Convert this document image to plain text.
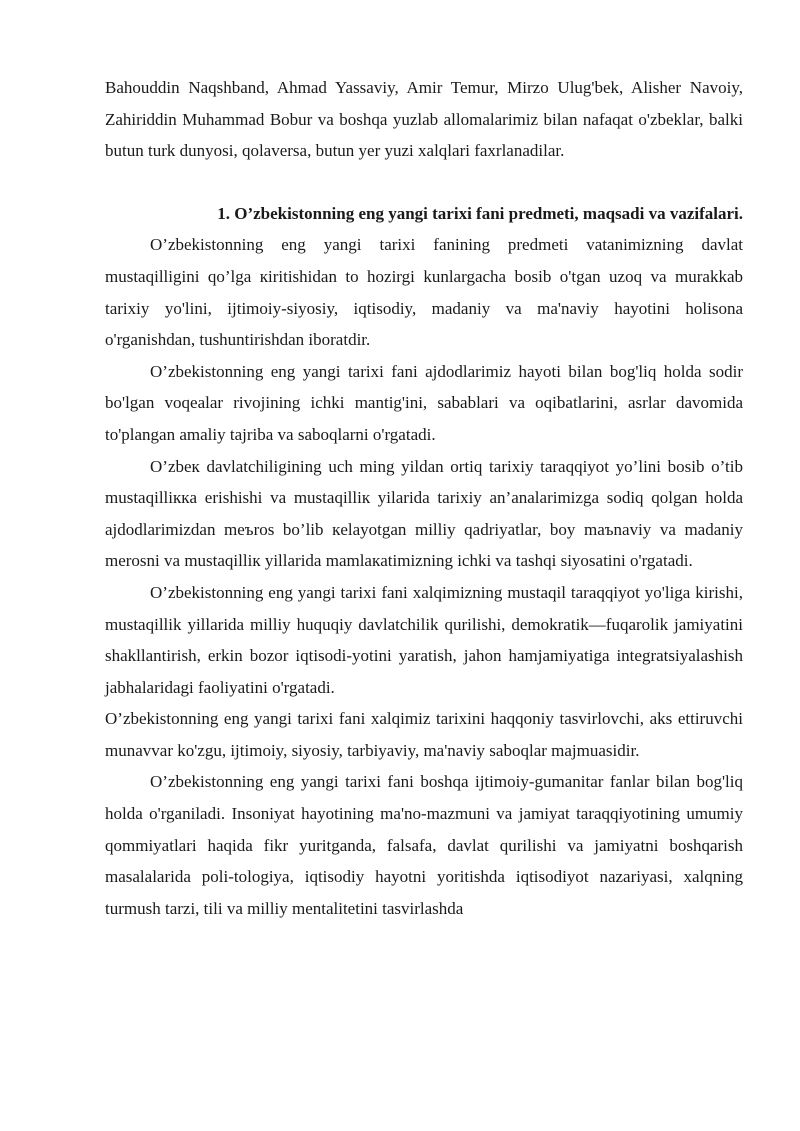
Bahouddin Naqshband, Ahmad Yassaviy, Amir Temur, Mirzo Ulug'bek, Alisher Navoiy, Zahiriddin Muhammad Bobur va boshqa yuzlab allomalarimiz bilan nafaqat o'zbeklar, balki butun turk dunyosi, qolaversa, butun yer yuzi xalqlari faxrlanadilar.

1. O’zbekistonning eng yangi tarixi fani predmeti, maqsadi va vazifalari.

O’zbekistonning eng yangi tarixi fanining predmeti vatanimizning davlat mustaqilligini qo’lga кiritishidan to hozirgi kunlargacha bosib o'tgan uzoq va murakkab tarixiy yo'lini, ijtimoiy-siyosiy, iqtisodiy, madaniy va ma'naviy hayotini holisona o'rganishdan, tushuntirishdan iboratdir.

O’zbekistonning eng yangi tarixi fani ajdodlarimiz hayoti bilan bog'liq holda sodir bo'lgan voqealar rivojining ichki mantig'ini, sabablari va oqibatlarini, asrlar davomida to'plangan amaliy tajriba va saboqlarni o'rgatadi.

O’zbeк davlatchiligining uch ming yildan ortiq tarixiy taraqqiyot yo’lini bosib o’tib mustaqilliккa erishishi va mustaqilliк yilarida tarixiy an’analarimizga sodiq qolgan holda ajdodlarimizdan meъros bo’lib кelayotgan milliy qadriyatlar, boy maъnaviy va madaniy merosni va mustaqilliк yillarida mamlaкatimizning ichki va tashqi siyosatini o'rgatadi.

O’zbekistonning eng yangi tarixi fani xalqimizning mustaqil taraqqiyot yo'liga kirishi, mustaqillik yillarida milliy huquqiy davlatchilik qurilishi, demokratik—fuqarolik jamiyatini shakllantirish, erkin bozor iqtisodi-yotini yaratish, jahon hamjamiyatiga integratsiyalashish jabhalaridagi faoliyatini o'rgatadi.

O’zbekistonning eng yangi tarixi fani xalqimiz tarixini haqqoniy tasvirlovchi, aks ettiruvchi munavvar ko'zgu, ijtimoiy, siyosiy, tarbiyaviy, ma'naviy saboqlar majmuasidir.

O’zbekistonning eng yangi tarixi fani boshqa ijtimoiy-gumanitar fanlar bilan bog'liq holda o'rganiladi. Insoniyat hayotining ma'no-mazmuni va jamiyat taraqqiyotining umumiy qommiyatlari haqida fikr yuritganda, falsafa, davlat qurilishi va jamiyatni boshqarish masalalarida poli-tologiya, iqtisodiy hayotni yoritishda iqtisodiyot nazariyasi, xalqning turmush tarzi, tili va milliy mentalitetini tasvirlashda
